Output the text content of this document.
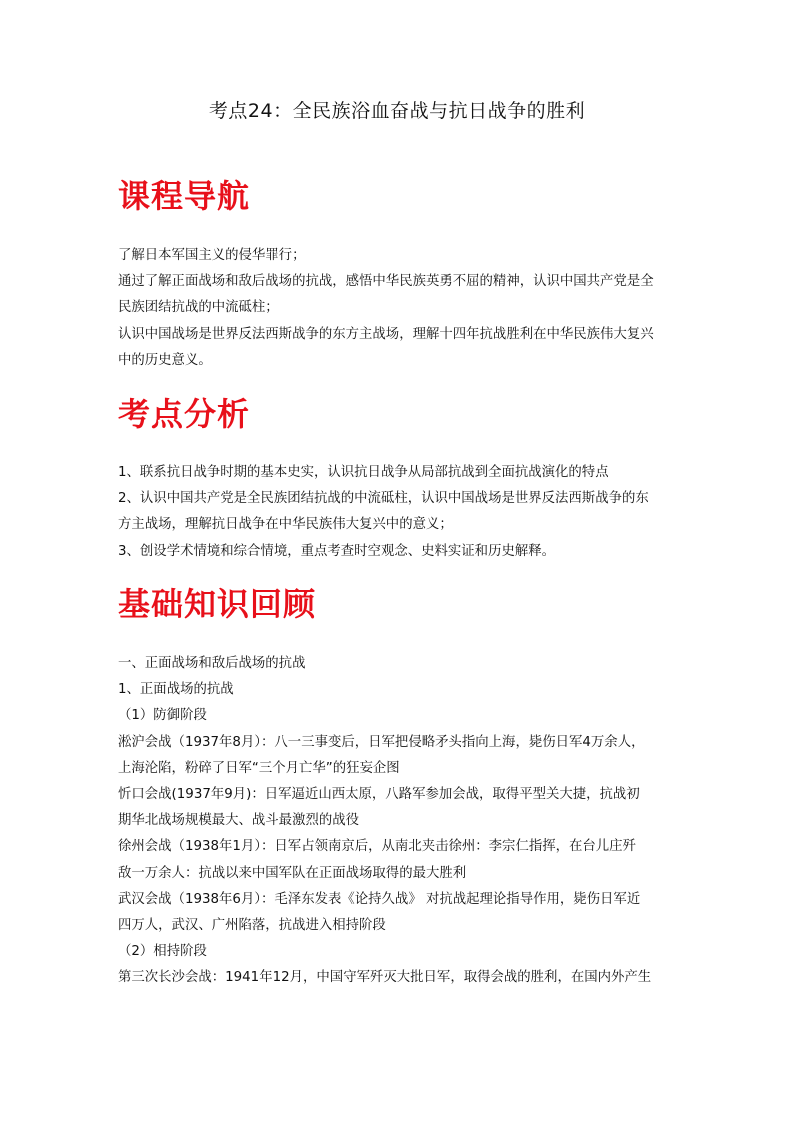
考点24：全民族浴血奋战与抗日战争的胜利
课程导航
了解日本军国主义的侵华罪行；
通过了解正面战场和敌后战场的抗战，感悟中华民族英勇不屈的精神，认识中国共产党是全
民族团结抗战的中流砥柱；
认识中国战场是世界反法西斯战争的东方主战场，理解十四年抗战胜利在中华民族伟大复兴
中的历史意义。
考点分析
1、联系抗日战争时期的基本史实，认识抗日战争从局部抗战到全面抗战演化的特点
2、认识中国共产党是全民族团结抗战的中流砥柱，认识中国战场是世界反法西斯战争的东
方主战场，理解抗日战争在中华民族伟大复兴中的意义；
3、创设学术情境和综合情境，重点考查时空观念、史料实证和历史解释。
基础知识回顾
一、正面战场和敌后战场的抗战
1、正面战场的抗战
（1）防御阶段
淞沪会战（1937年8月）：八一三事变后，日军把侵略矛头指向上海，毙伤日军4万余人，
上海沦陷，粉碎了日军“三个月亡华”的狂妄企图
忻口会战(1937年9月)：日军逼近山西太原，八路军参加会战，取得平型关大捷，抗战初
期华北战场规模最大、战斗最激烈的战役
徐州会战（1938年1月）：日军占领南京后，从南北夹击徐州：李宗仁指挥，在台儿庄歼
敌一万余人：抗战以来中国军队在正面战场取得的最大胜利
武汉会战（1938年6月）：毛泽东发表《论持久战》 对抗战起理论指导作用，毙伤日军近
四万人，武汉、广州陷落，抗战进入相持阶段
（2）相持阶段
第三次长沙会战：1941年12月，中国守军歼灭大批日军，取得会战的胜利，在国内外产生
